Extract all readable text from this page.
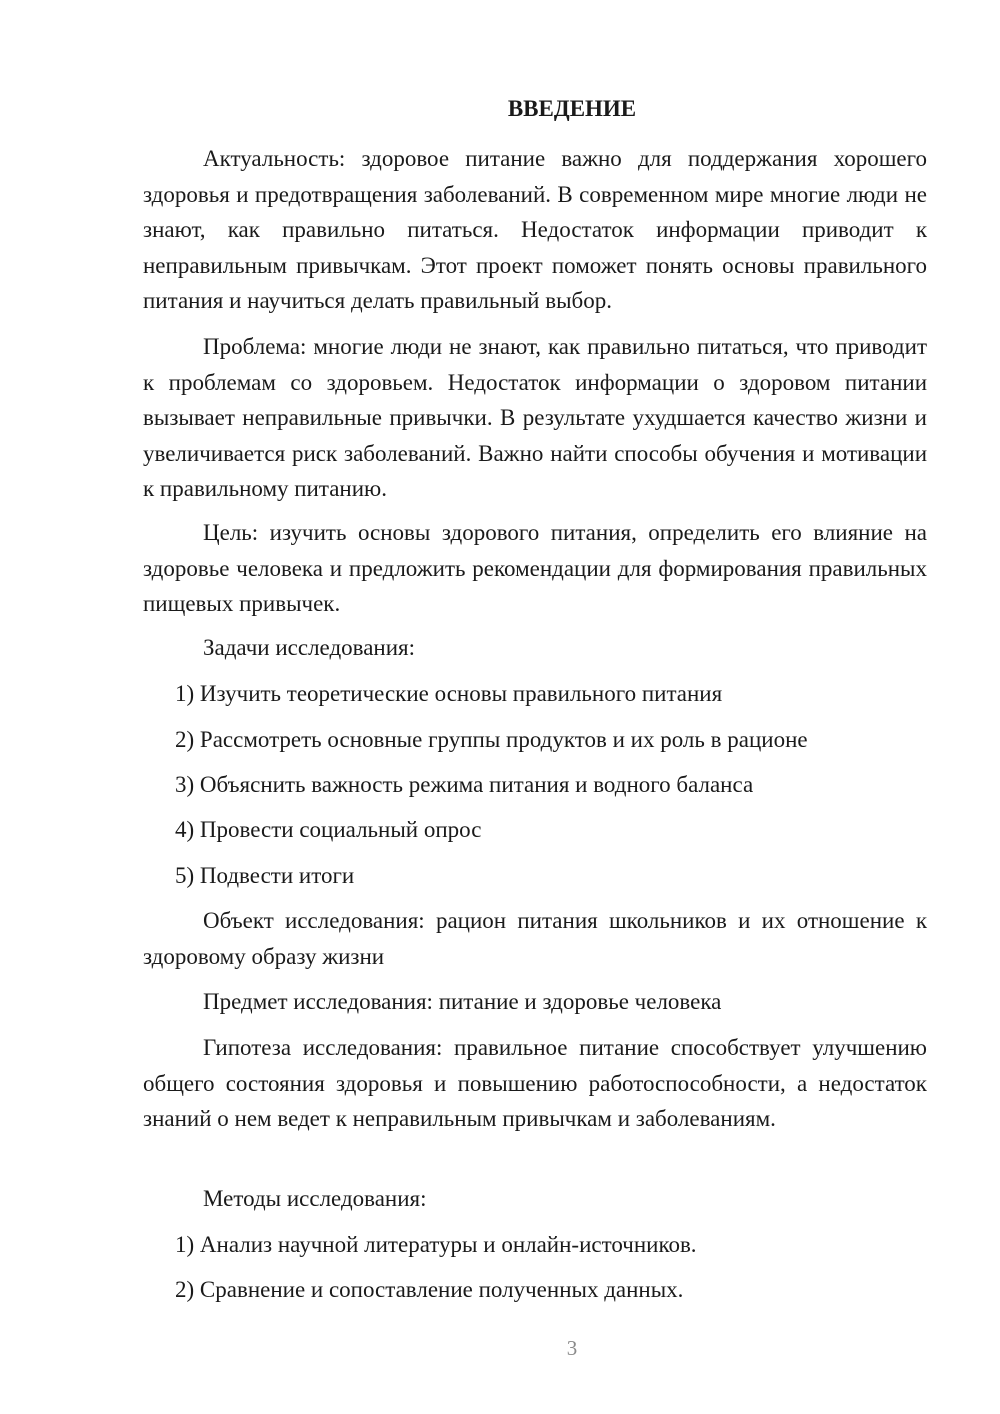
ВВЕДЕНИЕ

Актуальность: здоровое питание важно для поддержания хорошего здоровья и предотвращения заболеваний. В современном мире многие люди не знают, как правильно питаться. Недостаток информации приводит к неправильным привычкам. Этот проект поможет понять основы правильного питания и научиться делать правильный выбор.

Проблема: многие люди не знают, как правильно питаться, что приводит к проблемам со здоровьем. Недостаток информации о здоровом питании вызывает неправильные привычки. В результате ухудшается качество жизни и увеличивается риск заболеваний. Важно найти способы обучения и мотивации к правильному питанию.

Цель: изучить основы здорового питания, определить его влияние на здоровье человека и предложить рекомендации для формирования правильных пищевых привычек.

Задачи исследования:
1) Изучить теоретические основы правильного питания
2) Рассмотреть основные группы продуктов и их роль в рационе
3) Объяснить важность режима питания и водного баланса
4) Провести социальный опрос
5) Подвести итоги

Объект исследования: рацион питания школьников и их отношение к здоровому образу жизни

Предмет исследования: питание и здоровье человека

Гипотеза исследования: правильное питание способствует улучшению общего состояния здоровья и повышению работоспособности, а недостаток знаний о нем ведет к неправильным привычкам и заболеваниям.

Методы исследования:
1) Анализ научной литературы и онлайн-источников.
2) Сравнение и сопоставление полученных данных.
3
